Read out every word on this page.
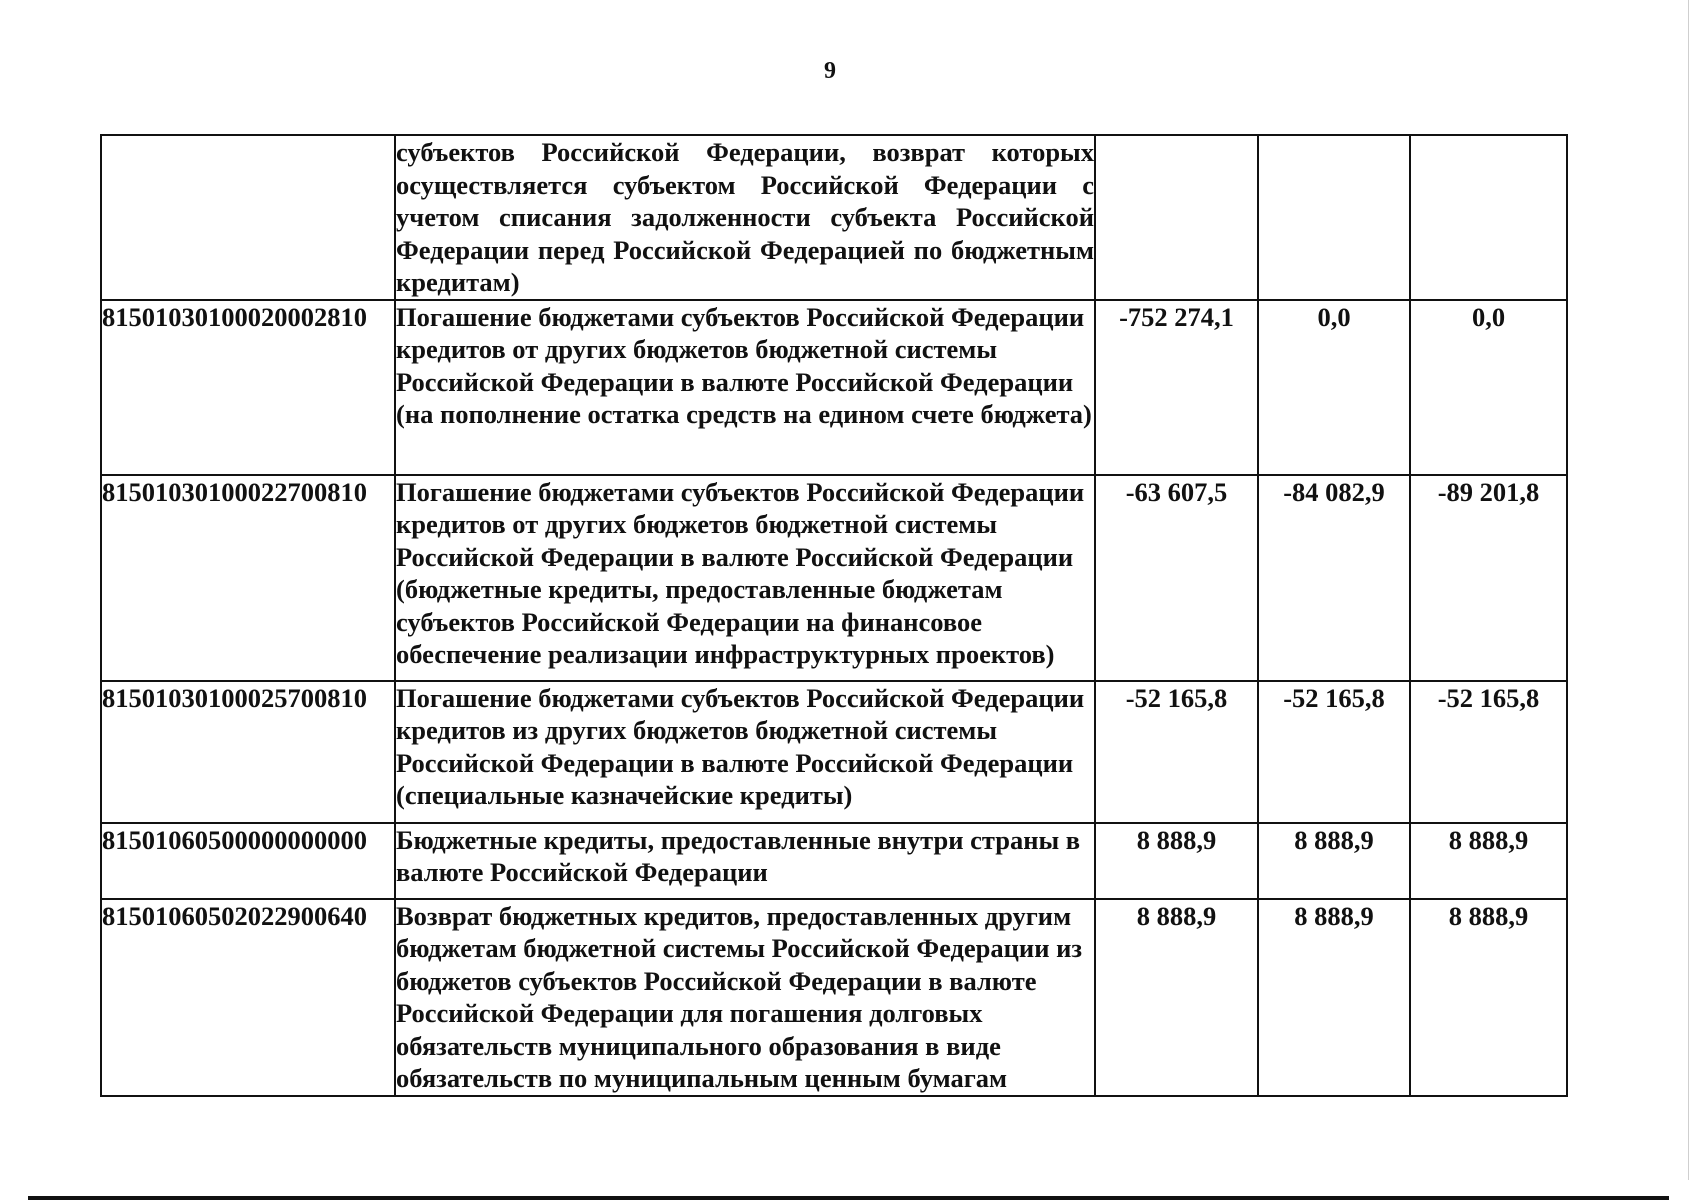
9
	субъектов Российской Федерации, возврат которых осуществляется субъектом Российской Федерации с учетом списания задолженности субъекта Российской Федерации перед Российской Федерацией по бюджетным кредитам)			
81501030100020002810	Погашение бюджетами субъектов Российской Федерации кредитов от других бюджетов бюджетной системы Российской Федерации в валюте Российской Федерации (на пополнение остатка средств на едином счете бюджета)	-752 274,1	0,0	0,0
81501030100022700810	Погашение бюджетами субъектов Российской Федерации кредитов от других бюджетов бюджетной системы Российской Федерации в валюте Российской Федерации (бюджетные кредиты, предоставленные бюджетам субъектов Российской Федерации на финансовое обеспечение реализации инфраструктурных проектов)	-63 607,5	-84 082,9	-89 201,8
81501030100025700810	Погашение бюджетами субъектов Российской Федерации кредитов из других бюджетов бюджетной системы Российской Федерации в валюте Российской Федерации (специальные казначейские кредиты)	-52 165,8	-52 165,8	-52 165,8
81501060500000000000	Бюджетные кредиты, предоставленные внутри страны в валюте Российской Федерации	8 888,9	8 888,9	8 888,9
81501060502022900640	Возврат бюджетных кредитов, предоставленных другим бюджетам бюджетной системы Российской Федерации из бюджетов субъектов Российской Федерации в валюте Российской Федерации для погашения долговых обязательств муниципального образования в виде обязательств по муниципальным ценным бумагам	8 888,9	8 888,9	8 888,9
